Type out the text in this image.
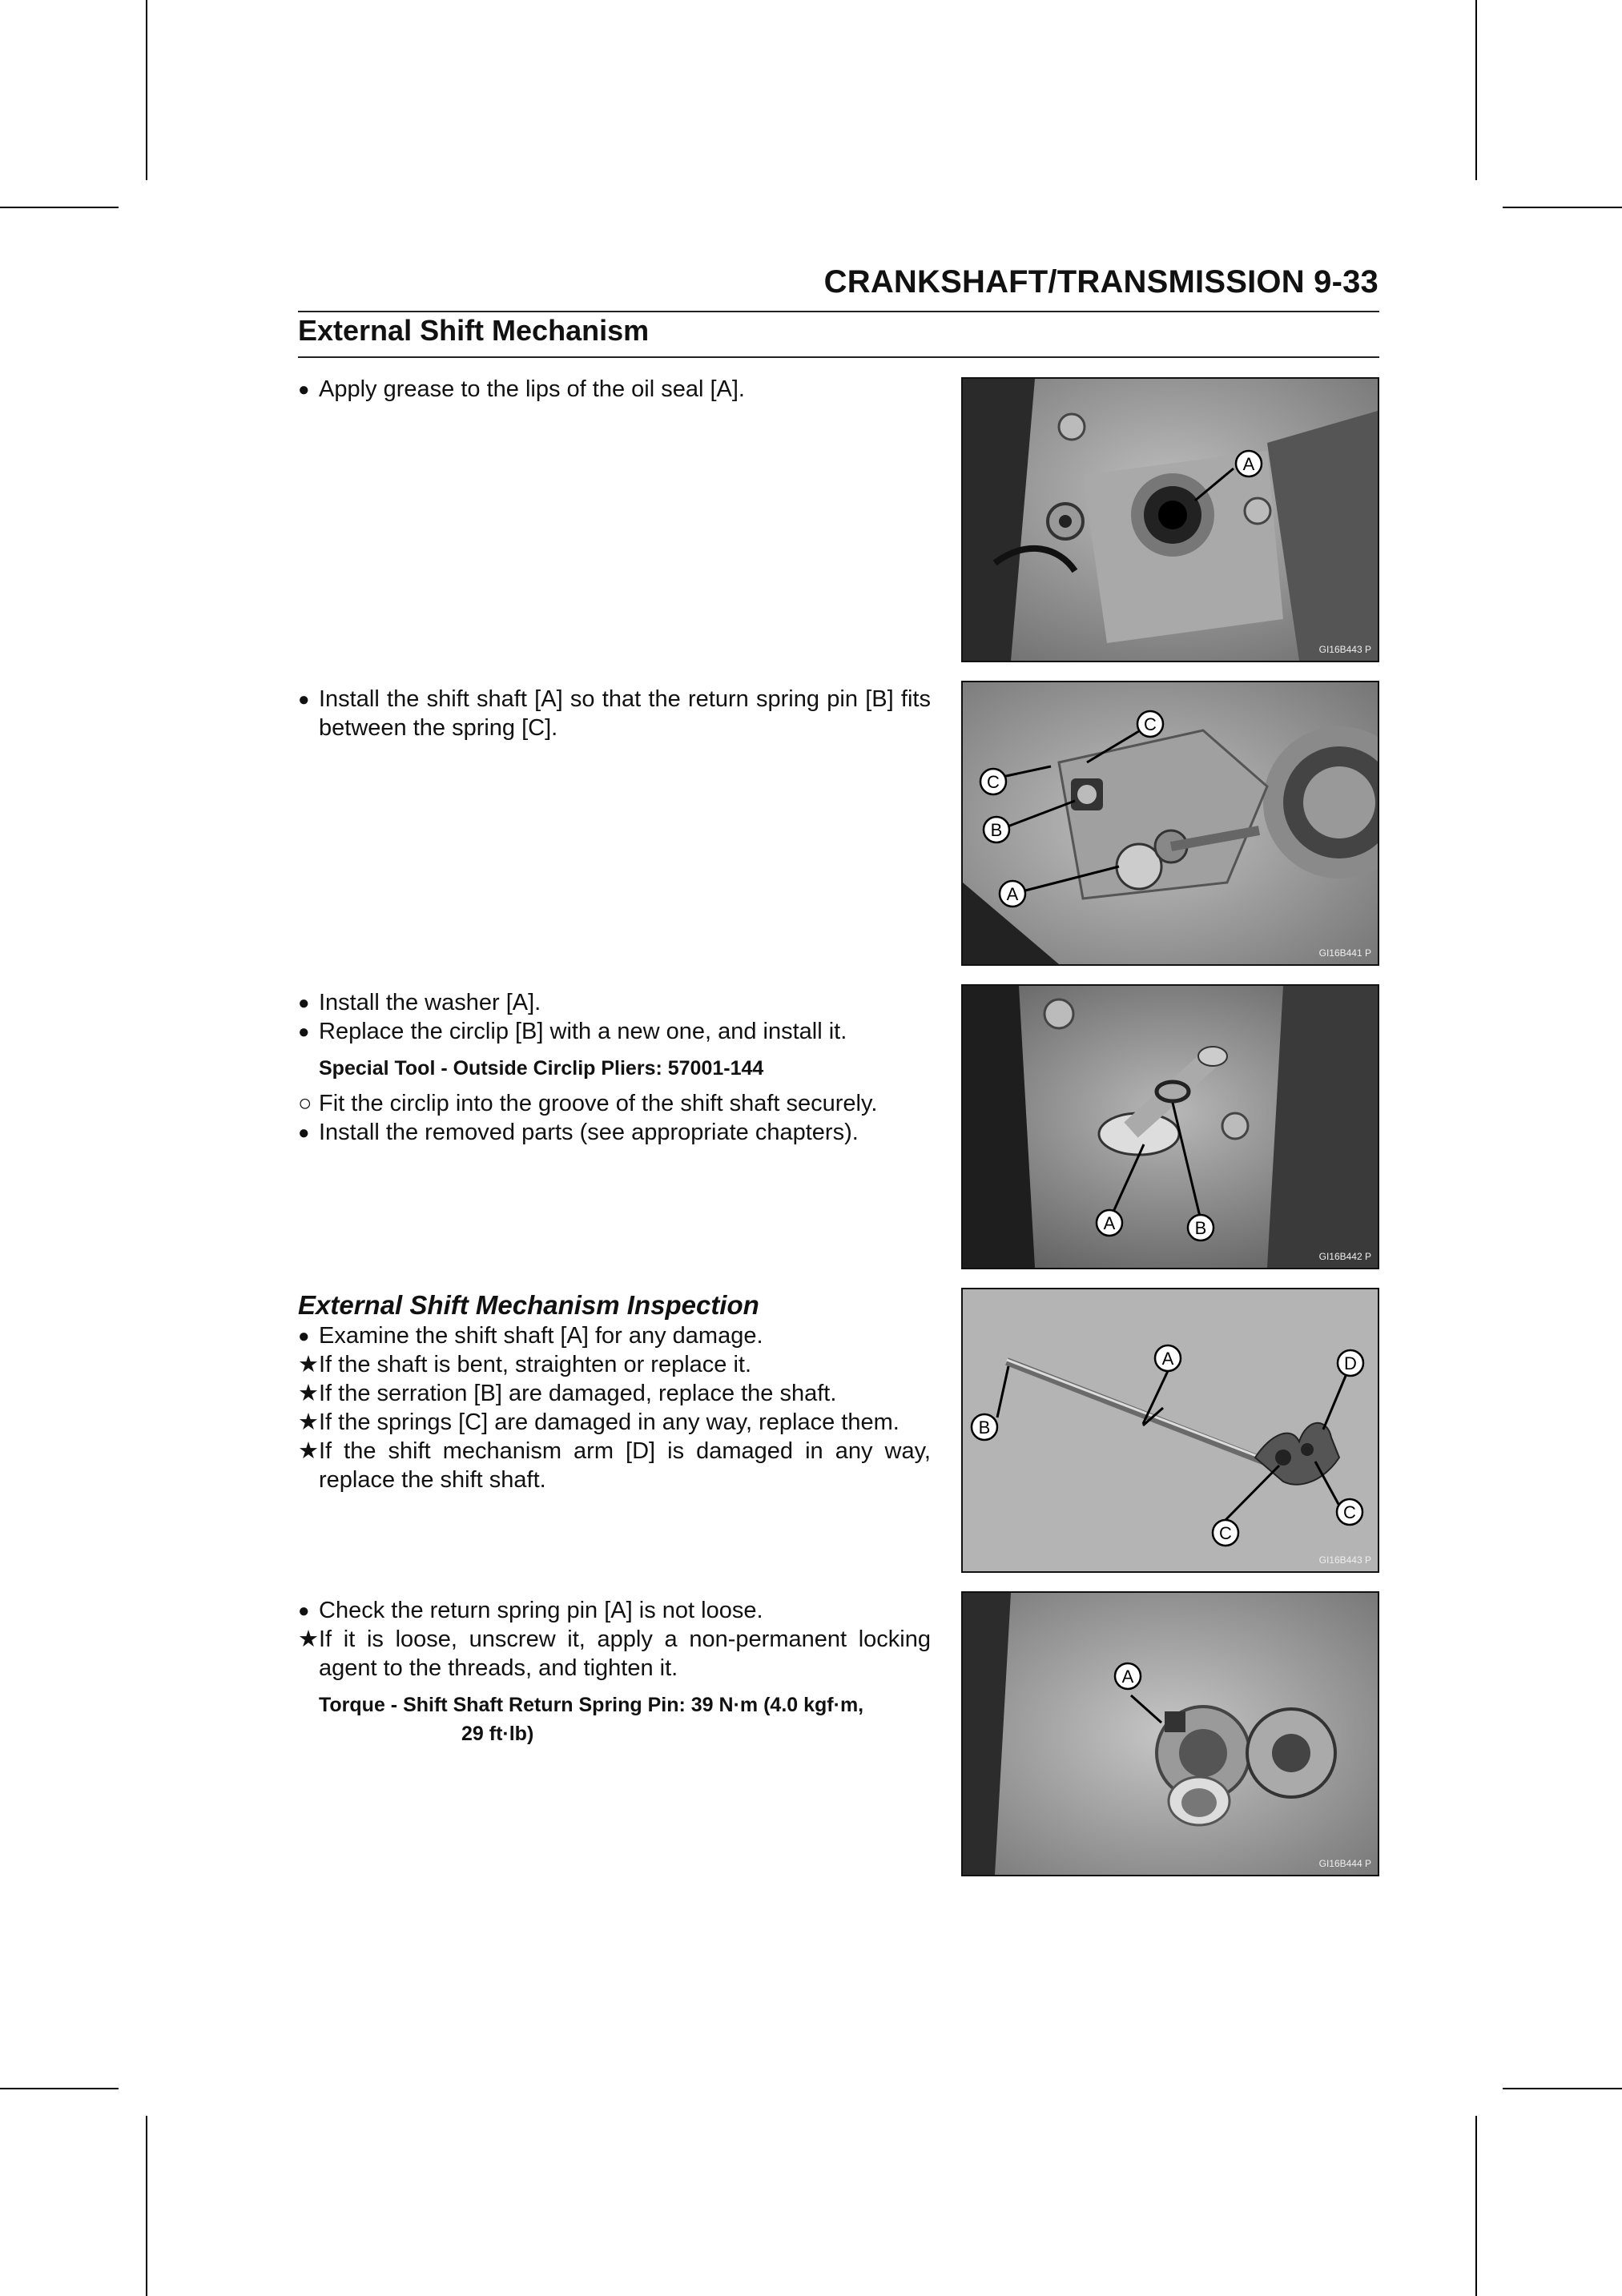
CRANKSHAFT/TRANSMISSION 9-33
External Shift Mechanism
● Apply grease to the lips of the oil seal [A].
● Install the shift shaft [A] so that the return spring pin [B] fits between the spring [C].
● Install the washer [A].
● Replace the circlip [B] with a new one, and install it.
Special Tool - Outside Circlip Pliers: 57001-144
○ Fit the circlip into the groove of the shift shaft securely.
● Install the removed parts (see appropriate chapters).
External Shift Mechanism Inspection
● Examine the shift shaft [A] for any damage.
★ If the shaft is bent, straighten or replace it.
★ If the serration [B] are damaged, replace the shaft.
★ If the springs [C] are damaged in any way, replace them.
★ If the shift mechanism arm [D] is damaged in any way, replace the shift shaft.
● Check the return spring pin [A] is not loose.
★ If it is loose, unscrew it, apply a non-permanent locking agent to the threads, and tighten it.
Torque - Shift Shaft Return Spring Pin: 39 N·m (4.0 kgf·m,
29 ft·lb)
A
GI16B443 P
C
C
B
A
GI16B441 P
A	B
GI16B442 P
B
A
C
C
D
GI16B443 P
A
GI16B444 P
